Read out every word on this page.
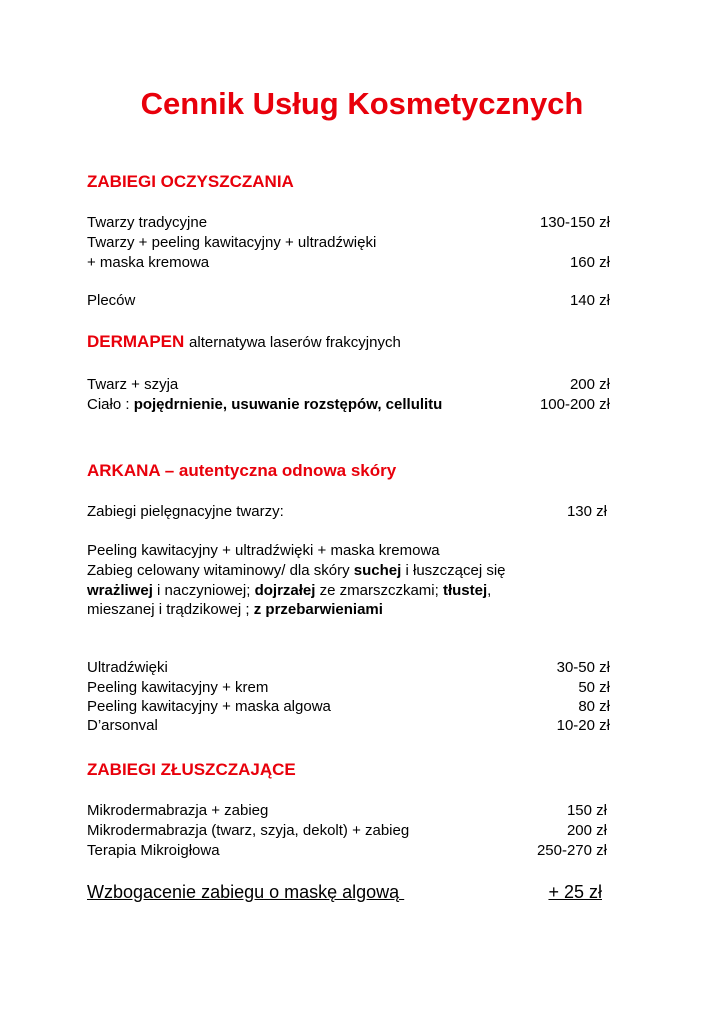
Cennik Usług Kosmetycznych
ZABIEGI OCZYSZCZANIA
Twarzy tradycyjne	130-150 zł
Twarzy + peeling kawitacyjny + ultradźwięki
+ maska kremowa	160 zł
Pleców	140 zł
DERMAPEN alternatywa laserów frakcyjnych
Twarz + szyja	200 zł
Ciało : pojędrnienie, usuwanie rozstępów, cellulitu	100-200 zł
ARKANA – autentyczna odnowa skóry
Zabiegi pielęgnacyjne twarzy:	130 zł
Peeling kawitacyjny + ultradźwięki + maska kremowa
Zabieg celowany witaminowy/ dla skóry suchej i łuszczącej się
wrażliwej i naczyniowej; dojrzałej ze zmarszczkami; tłustej,
mieszanej i trądzikowej ; z przebarwieniami
Ultradźwięki	30-50 zł
Peeling kawitacyjny + krem	50 zł
Peeling kawitacyjny + maska algowa	80 zł
D’arsonval	10-20 zł
ZABIEGI ZŁUSZCZAJĄCE
Mikrodermabrazja + zabieg	150 zł
Mikrodermabrazja (twarz, szyja, dekolt) + zabieg	200 zł
Terapia Mikroigłowa	250-270 zł
Wzbogacenie zabiegu o maskę algową	+ 25 zł
